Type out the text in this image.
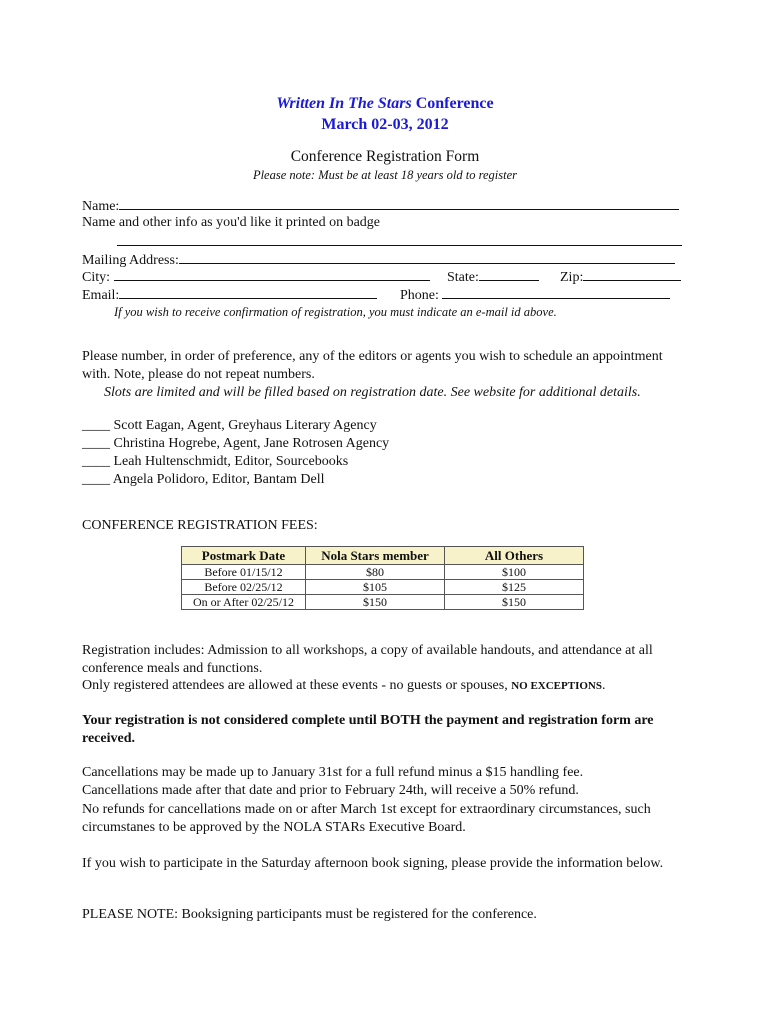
Written In The Stars Conference
March 02-03, 2012
Conference Registration Form
Please note: Must be at least 18 years old to register
Name:
Name and other info as you'd like it printed on badge
Mailing Address:
City:	State:	Zip:
Email:	Phone:
If you wish to receive confirmation of registration, you must indicate an e-mail id above.
Please number, in order of preference, any of the editors or agents you wish to schedule an appointment with. Note, please do not repeat numbers.
Slots are limited and will be filled based on registration date. See website for additional details.
____ Scott Eagan, Agent, Greyhaus Literary Agency
____ Christina Hogrebe, Agent, Jane Rotrosen Agency
____ Leah Hultenschmidt, Editor, Sourcebooks
____ Angela Polidoro, Editor, Bantam Dell
CONFERENCE REGISTRATION FEES:
Postmark Date	Nola Stars member	All Others
Before 01/15/12	$80	$100
Before 02/25/12	$105	$125
On or After 02/25/12	$150	$150
Registration includes: Admission to all workshops, a copy of available handouts, and attendance at all conference meals and functions.
Only registered attendees are allowed at these events - no guests or spouses, NO EXCEPTIONS.
Your registration is not considered complete until BOTH the payment and registration form are received.
Cancellations may be made up to January 31st for a full refund minus a $15 handling fee.
Cancellations made after that date and prior to February 24th, will receive a 50% refund.
No refunds for cancellations made on or after March 1st except for extraordinary circumstances, such circumstanes to be approved by the NOLA STARs Executive Board.
If you wish to participate in the Saturday afternoon book signing, please provide the information below.
PLEASE NOTE: Booksigning participants must be registered for the conference.
